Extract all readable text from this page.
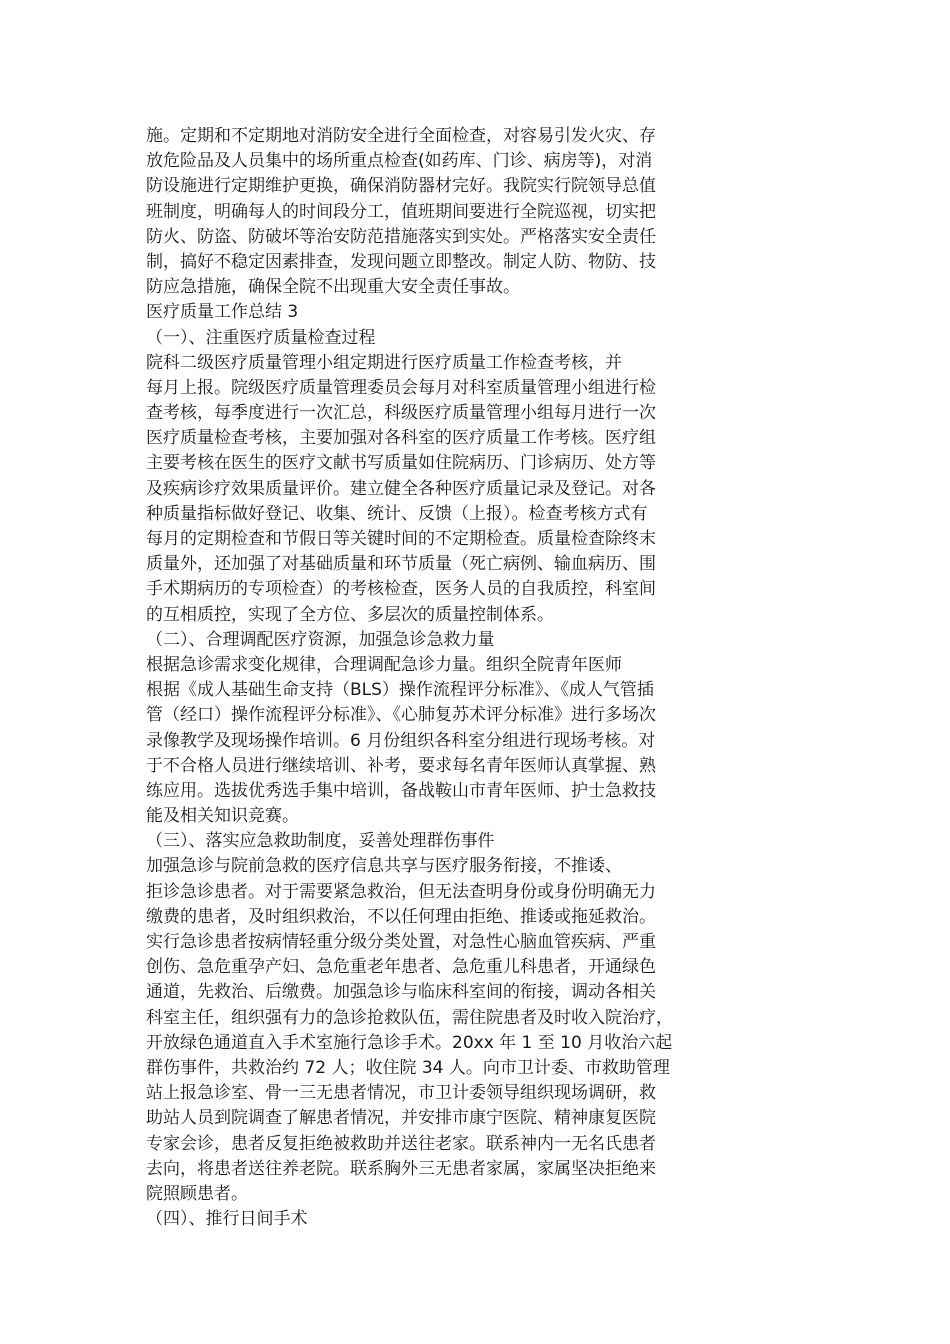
施。定期和不定期地对消防安全进行全面检查，对容易引发火灾、存
放危险品及人员集中的场所重点检查(如药库、门诊、病房等)，对消
防设施进行定期维护更换，确保消防器材完好。我院实行院领导总值
班制度，明确每人的时间段分工，值班期间要进行全院巡视，切实把
防火、防盗、防破坏等治安防范措施落实到实处。严格落实安全责任
制，搞好不稳定因素排查，发现问题立即整改。制定人防、物防、技
防应急措施，确保全院不出现重大安全责任事故。
医疗质量工作总结 3
（一）、注重医疗质量检查过程
院科二级医疗质量管理小组定期进行医疗质量工作检查考核，并
每月上报。院级医疗质量管理委员会每月对科室质量管理小组进行检
查考核，每季度进行一次汇总，科级医疗质量管理小组每月进行一次
医疗质量检查考核，主要加强对各科室的医疗质量工作考核。医疗组
主要考核在医生的医疗文献书写质量如住院病历、门诊病历、处方等
及疾病诊疗效果质量评价。建立健全各种医疗质量记录及登记。对各
种质量指标做好登记、收集、统计、反馈（上报）。检查考核方式有
每月的定期检查和节假日等关键时间的不定期检查。质量检查除终末
质量外，还加强了对基础质量和环节质量（死亡病例、输血病历、围
手术期病历的专项检查）的考核检查，医务人员的自我质控，科室间
的互相质控，实现了全方位、多层次的质量控制体系。
（二）、合理调配医疗资源，加强急诊急救力量
根据急诊需求变化规律，合理调配急诊力量。组织全院青年医师
根据《成人基础生命支持（BLS）操作流程评分标准》、《成人气管插
管（经口）操作流程评分标准》、《心肺复苏术评分标准》进行多场次
录像教学及现场操作培训。6 月份组织各科室分组进行现场考核。对
于不合格人员进行继续培训、补考，要求每名青年医师认真掌握、熟
练应用。选拔优秀选手集中培训，备战鞍山市青年医师、护士急救技
能及相关知识竞赛。
（三）、落实应急救助制度，妥善处理群伤事件
加强急诊与院前急救的医疗信息共享与医疗服务衔接，不推诿、
拒诊急诊患者。对于需要紧急救治，但无法查明身份或身份明确无力
缴费的患者，及时组织救治，不以任何理由拒绝、推诿或拖延救治。
实行急诊患者按病情轻重分级分类处置，对急性心脑血管疾病、严重
创伤、急危重孕产妇、急危重老年患者、急危重儿科患者，开通绿色
通道，先救治、后缴费。加强急诊与临床科室间的衔接，调动各相关
科室主任，组织强有力的急诊抢救队伍，需住院患者及时收入院治疗，
开放绿色通道直入手术室施行急诊手术。20xx 年 1 至 10 月收治六起
群伤事件，共救治约 72 人；收住院 34 人。向市卫计委、市救助管理
站上报急诊室、骨一三无患者情况，市卫计委领导组织现场调研，救
助站人员到院调查了解患者情况，并安排市康宁医院、精神康复医院
专家会诊，患者反复拒绝被救助并送往老家。联系神内一无名氏患者
去向，将患者送往养老院。联系胸外三无患者家属，家属坚决拒绝来
院照顾患者。
（四）、推行日间手术
